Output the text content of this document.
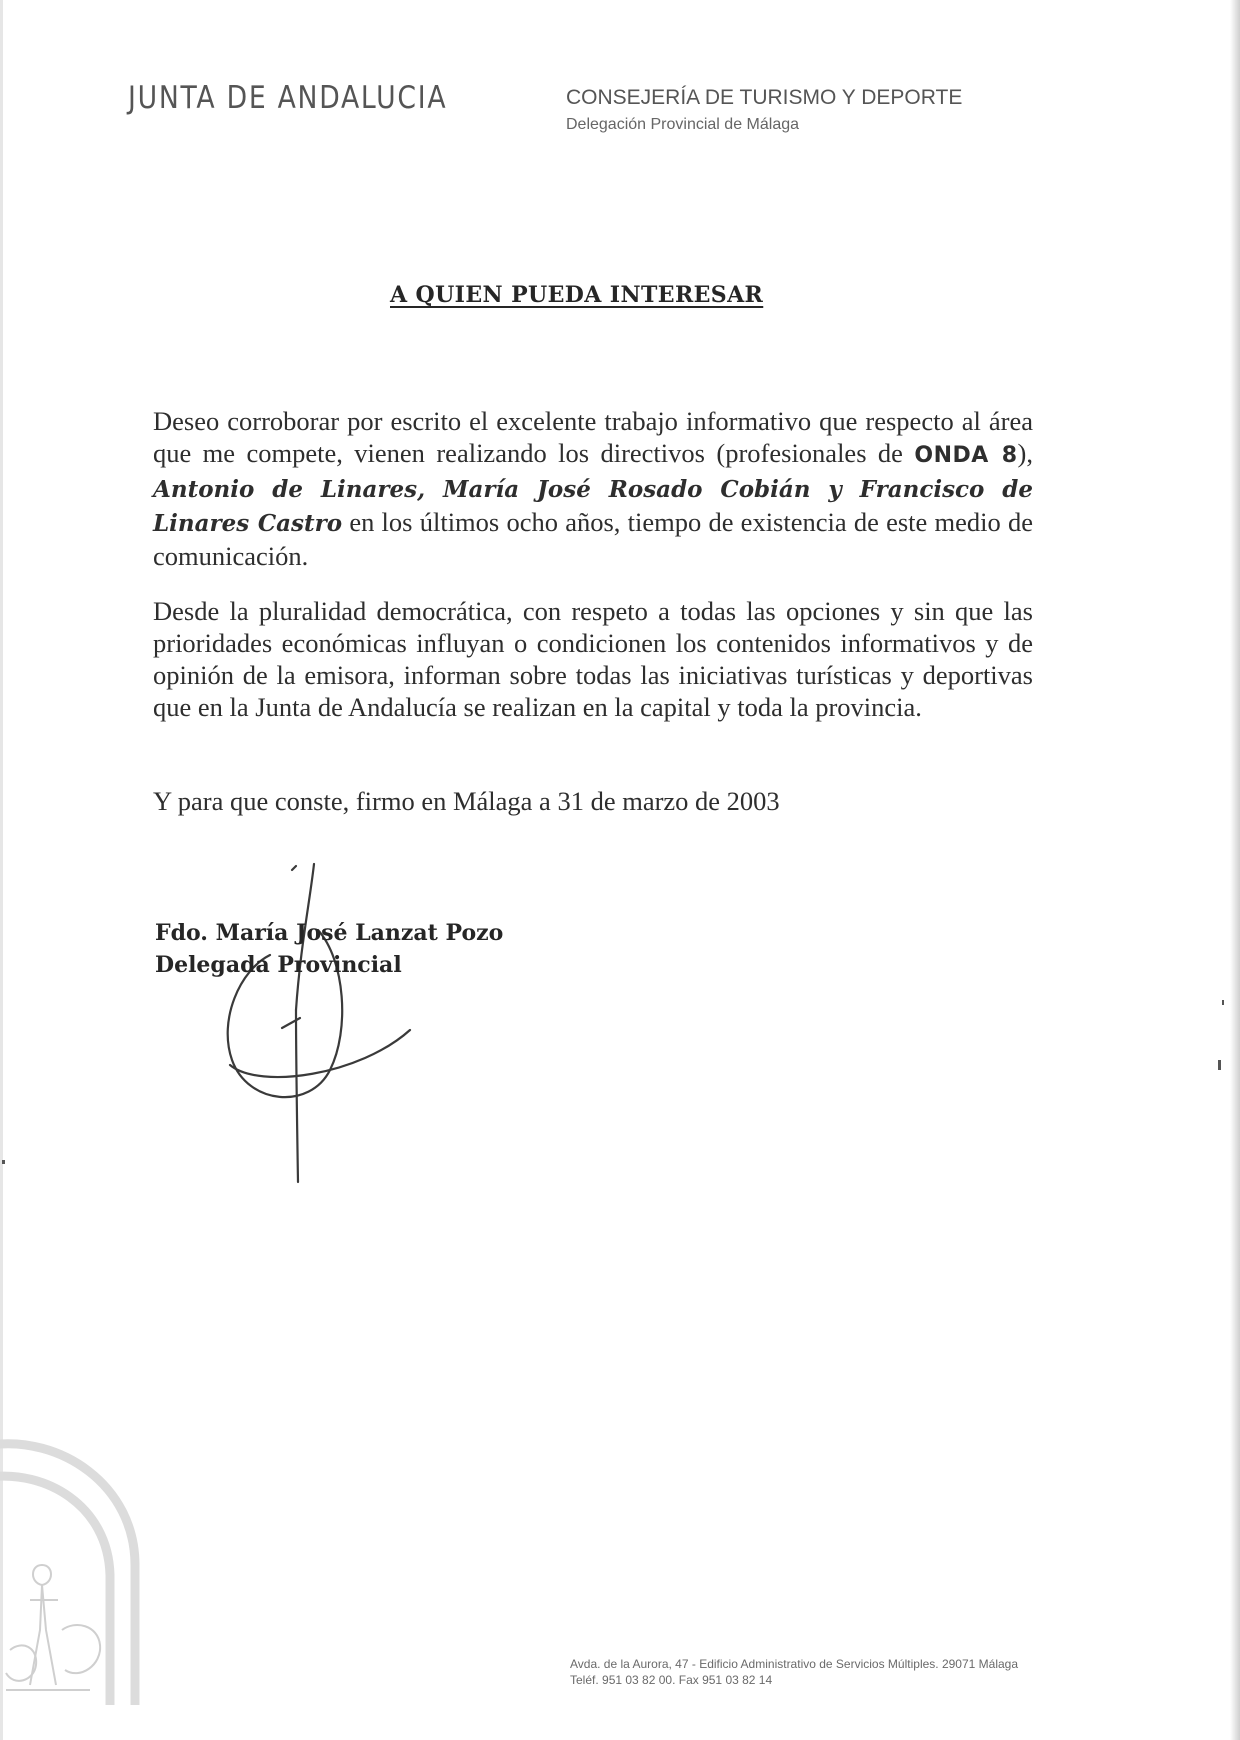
JUNTA DE ANDALUCIA	CONSEJERÍA DE TURISMO Y DEPORTE

Delegación Provincial de Málaga

A QUIEN PUEDA INTERESAR

Deseo corroborar por escrito el excelente trabajo informativo que respecto al área que me compete, vienen realizando los directivos (profesionales de ONDA 8), Antonio de Linares, María José Rosado Cobián y Francisco de Linares Castro en los últimos ocho años, tiempo de existencia de este medio de comunicación.

Desde la pluralidad democrática, con respeto a todas las opciones y sin que las prioridades económicas influyan o condicionen los contenidos informativos y de opinión de la emisora, informan sobre todas las iniciativas turísticas y deportivas que en la Junta de Andalucía se realizan en la capital y toda la provincia.

Y para que conste, firmo en Málaga a 31 de marzo de 2003

Fdo. María José Lanzat Pozo
Delegada Provincial

Avda. de la Aurora, 47 - Edificio Administrativo de Servicios Múltiples. 29071 Málaga
Teléf. 951 03 82 00. Fax 951 03 82 14
